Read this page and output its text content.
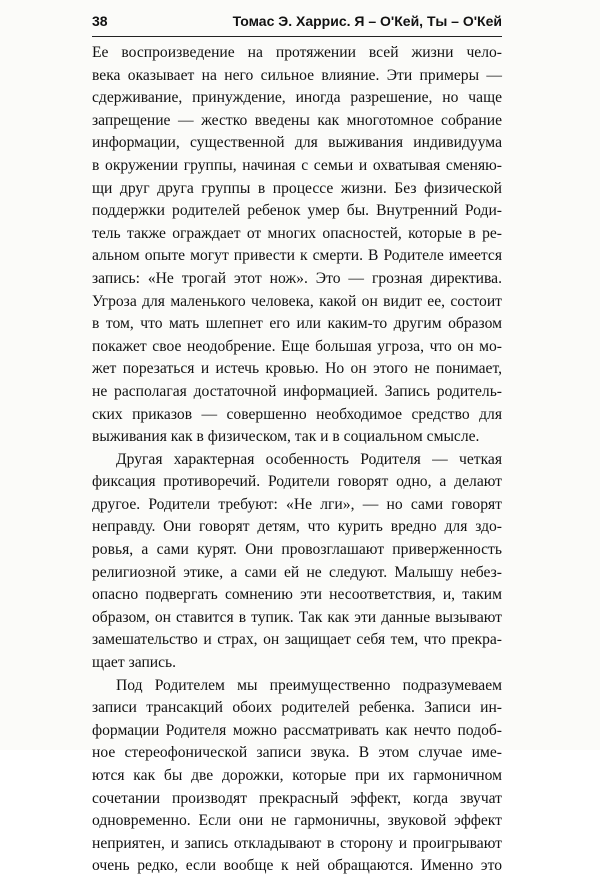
38	Томас Э. Харрис. Я – О'Кей, Ты – О'Кей
Ее воспроизведение на протяжении всей жизни чело-
века оказывает на него сильное влияние. Эти примеры —
сдерживание, принуждение, иногда разрешение, но чаще
запрещение — жестко введены как многотомное собрание
информации, существенной для выживания индивидуума
в окружении группы, начиная с семьи и охватывая сменяю-
щи друг друга группы в процессе жизни. Без физической
поддержки родителей ребенок умер бы. Внутренний Роди-
тель также ограждает от многих опасностей, которые в ре-
альном опыте могут привести к смерти. В Родителе имеется
запись: «Не трогай этот нож». Это — грозная директива.
Угроза для маленького человека, какой он видит ее, состоит
в том, что мать шлепнет его или каким-то другим образом
покажет свое неодобрение. Еще большая угроза, что он мо-
жет порезаться и истечь кровью. Но он этого не понимает,
не располагая достаточной информацией. Запись родитель-
ских приказов — совершенно необходимое средство для
выживания как в физическом, так и в социальном смысле.
Другая характерная особенность Родителя — четкая
фиксация противоречий. Родители говорят одно, а делают
другое. Родители требуют: «Не лги», — но сами говорят
неправду. Они говорят детям, что курить вредно для здо-
ровья, а сами курят. Они провозглашают приверженность
религиозной этике, а сами ей не следуют. Малышу небез-
опасно подвергать сомнению эти несоответствия, и, таким
образом, он ставится в тупик. Так как эти данные вызывают
замешательство и страх, он защищает себя тем, что прекра-
щает запись.
Под Родителем мы преимущественно подразумеваем
записи трансакций обоих родителей ребенка. Записи ин-
формации Родителя можно рассматривать как нечто подоб-
ное стереофонической записи звука. В этом случае име-
ются как бы две дорожки, которые при их гармоничном
сочетании производят прекрасный эффект, когда звучат
одновременно. Если они не гармоничны, звуковой эффект
неприятен, и запись откладывают в сторону и проигрывают
очень редко, если вообще к ней обращаются. Именно это
